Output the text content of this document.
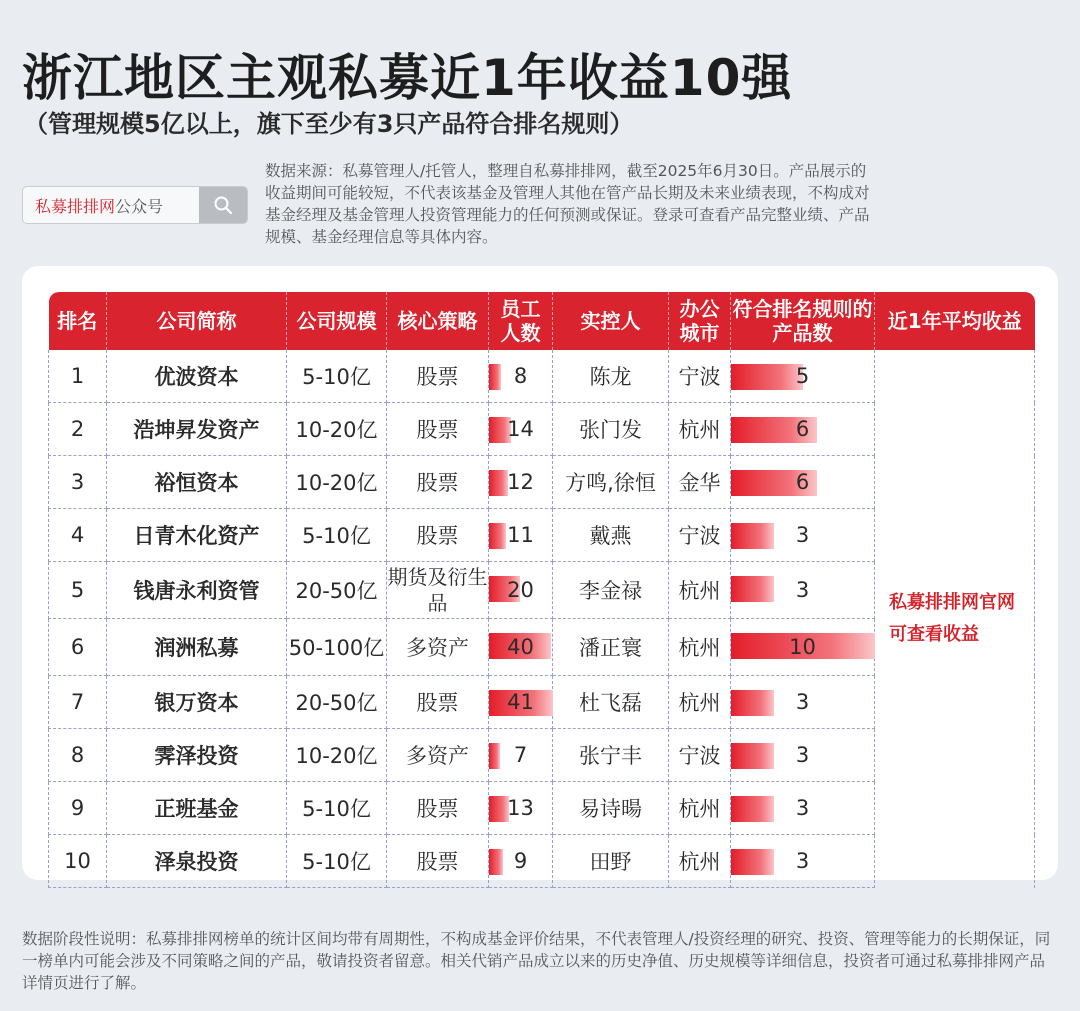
浙江地区主观私募近1年收益10强
（管理规模5亿以上，旗下至少有3只产品符合排名规则）
私募排排网公众号
数据来源：私募管理人/托管人，整理自私募排排网，截至2025年6月30日。产品展示的收益期间可能较短，不代表该基金及管理人其他在管产品长期及未来业绩表现，不构成对基金经理及基金管理人投资管理能力的任何预测或保证。登录可查看产品完整业绩、产品规模、基金经理信息等具体内容。
排名	公司简称	公司规模	核心策略	员工人数	实控人	办公城市	符合排名规则的产品数	近1年平均收益
1	优波资本	5-10亿	股票	8	陈龙	宁波	5	私募排排网官网
可查看收益

2	浩坤昇发资产	10-20亿	股票	14	张门发	杭州	6	
3	裕恒资本	10-20亿	股票	12	方鸣,徐恒	金华	6	
4	日青木化资产	5-10亿	股票	11	戴燕	宁波	3	
5	钱唐永利资管	20-50亿	期货及衍生品	20	李金禄	杭州	3	
6	润洲私募	50-100亿	多资产	40	潘正寰	杭州	10	
7	银万资本	20-50亿	股票	41	杜飞磊	杭州	3	
8	霁泽投资	10-20亿	多资产	7	张宁丰	宁波	3	
9	正班基金	5-10亿	股票	13	易诗暘	杭州	3	
10	泽泉投资	5-10亿	股票	9	田野	杭州	3	
数据阶段性说明：私募排排网榜单的统计区间均带有周期性，不构成基金评价结果，不代表管理人/投资经理的研究、投资、管理等能力的长期保证，同一榜单内可能会涉及不同策略之间的产品，敬请投资者留意。相关代销产品成立以来的历史净值、历史规模等详细信息，投资者可通过私募排排网产品详情页进行了解。
